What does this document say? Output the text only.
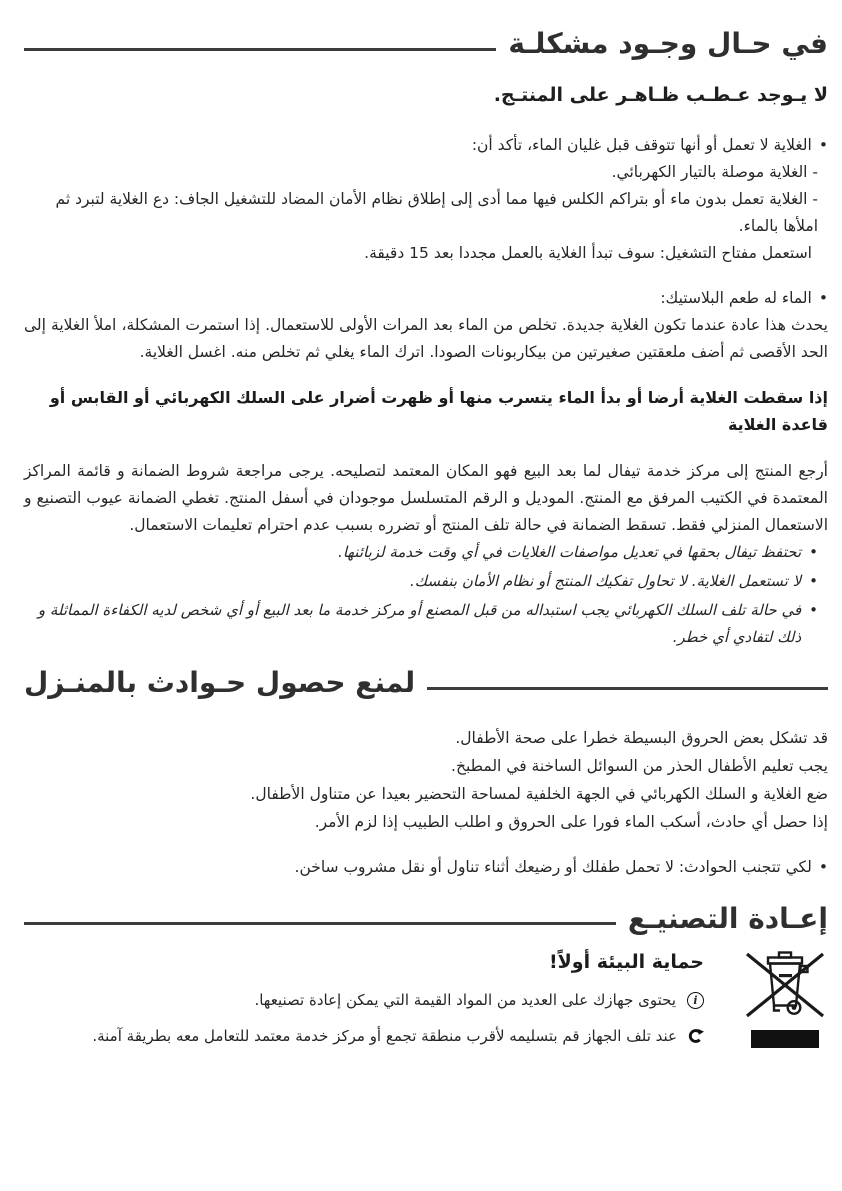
في حـال وجـود مشكلـة

لا يـوجد عـطـب ظـاهـر على المنتـج.

•
الغلاية لا تعمل أو أنها تتوقف قبل غليان الماء، تأكد أن:
- الغلاية موصلة بالتيار الكهربائي.
- الغلاية تعمل بدون ماء أو بتراكم الكلس فيها مما أدى إلى إطلاق نظام الأمان المضاد للتشغيل الجاف: دع الغلاية لتبرد ثم املأها بالماء.
استعمل مفتاح التشغيل: سوف تبدأ الغلاية بالعمل مجددا بعد 15 دقيقة.
•
الماء له طعم البلاستيك:

يحدث هذا عادة عندما تكون الغلاية جديدة. تخلص من الماء بعد المرات الأولى للاستعمال. إذا استمرت المشكلة، املأ الغلاية إلى الحد الأقصى ثم أضف ملعقتين صغيرتين من بيكاربونات الصودا. اترك الماء يغلي ثم تخلص منه. اغسل الغلاية.

إذا سقطت الغلاية أرضا أو بدأ الماء يتسرب منها أو ظهرت أضرار على السلك الكهربائي أو القابس أو قاعدة الغلاية

أرجع المنتج إلى مركز خدمة تيفال لما بعد البيع فهو المكان المعتمد لتصليحه. يرجى مراجعة شروط الضمانة و قائمة المراكز المعتمدة في الكتيب المرفق مع المنتج. الموديل و الرقم المتسلسل موجودان في أسفل المنتج. تغطي الضمانة عيوب التصنيع و الاستعمال المنزلي فقط. تسقط الضمانة في حالة تلف المنتج أو تضرره بسبب عدم احترام تعليمات الاستعمال.

•
تحتفظ تيفال بحقها في تعديل مواصفات الغلايات في أي وقت خدمة لزبائنها.
•
لا تستعمل الغلاية. لا تحاول تفكيك المنتج أو نظام الأمان بنفسك.
•
في حالة تلف السلك الكهربائي يجب استبداله من قبل المصنع أو مركز خدمة ما بعد البيع أو أي شخص لديه الكفاءة المماثلة و ذلك لتفادي أي خطر.
لمنع حصول حـوادث بالمنـزل
قد تشكل بعض الحروق البسيطة خطرا على صحة الأطفال.
يجب تعليم الأطفال الحذر من السوائل الساخنة في المطبخ.
ضع الغلاية و السلك الكهربائي في الجهة الخلفية لمساحة التحضير بعيدا عن متناول الأطفال.
إذا حصل أي حادث، أسكب الماء فورا على الحروق و اطلب الطبيب إذا لزم الأمر.
•
لكي تتجنب الحوادث: لا تحمل طفلك أو رضيعك أثناء تناول أو نقل مشروب ساخن.
إعـادة التصنيـع

حماية البيئة أولاً!

i
يحتوى جهازك على العديد من المواد القيمة التي يمكن إعادة تصنيعها.
عند تلف الجهاز قم بتسليمه لأقرب منطقة تجمع أو مركز خدمة معتمد للتعامل معه بطريقة آمنة.
